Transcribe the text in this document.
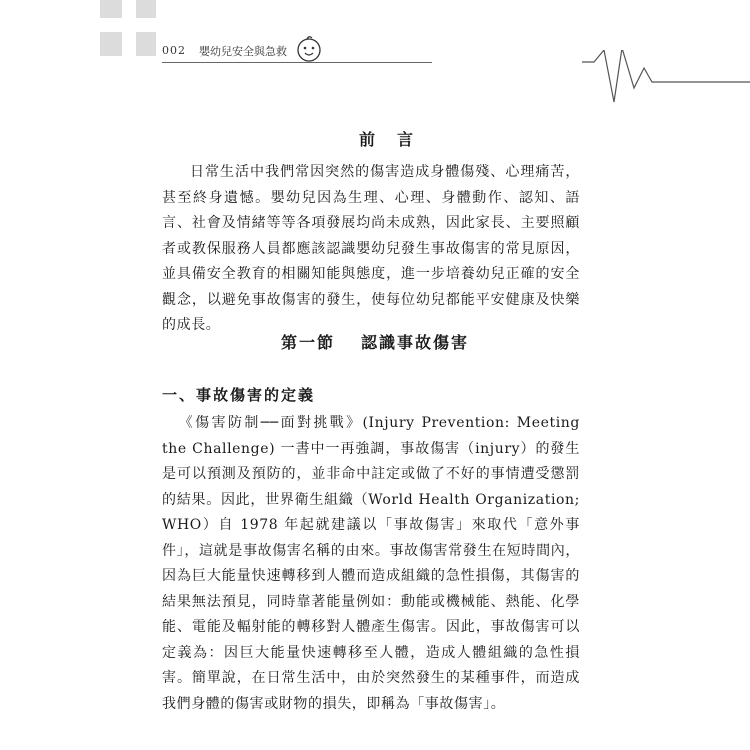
002 嬰幼兒安全與急救
前言

日常生活中我們常因突然的傷害造成身體傷殘、心理痛苦，甚至終身遺憾。嬰幼兒因為生理、心理、身體動作、認知、語言、社會及情緒等等各項發展均尚未成熟，因此家長、主要照顧者或教保服務人員都應該認識嬰幼兒發生事故傷害的常見原因，並具備安全教育的相關知能與態度，進一步培養幼兒正確的安全觀念，以避免事故傷害的發生，使每位幼兒都能平安健康及快樂的成長。

第一節 認識事故傷害
一、事故傷害的定義

《傷害防制──面對挑戰》(Injury Prevention: Meeting the Challenge) 一書中一再強調，事故傷害（injury）的發生是可以預測及預防的，並非命中註定或做了不好的事情遭受懲罰的結果。因此，世界衛生組織（World Health Organization; WHO）自 1978 年起就建議以「事故傷害」來取代「意外事件」，這就是事故傷害名稱的由來。事故傷害常發生在短時間內，因為巨大能量快速轉移到人體而造成組織的急性損傷，其傷害的結果無法預見，同時靠著能量例如：動能或機械能、熱能、化學能、電能及輻射能的轉移對人體產生傷害。因此，事故傷害可以定義為：因巨大能量快速轉移至人體，造成人體組織的急性損害。簡單說，在日常生活中，由於突然發生的某種事件，而造成我們身體的傷害或財物的損失，即稱為「事故傷害」。
